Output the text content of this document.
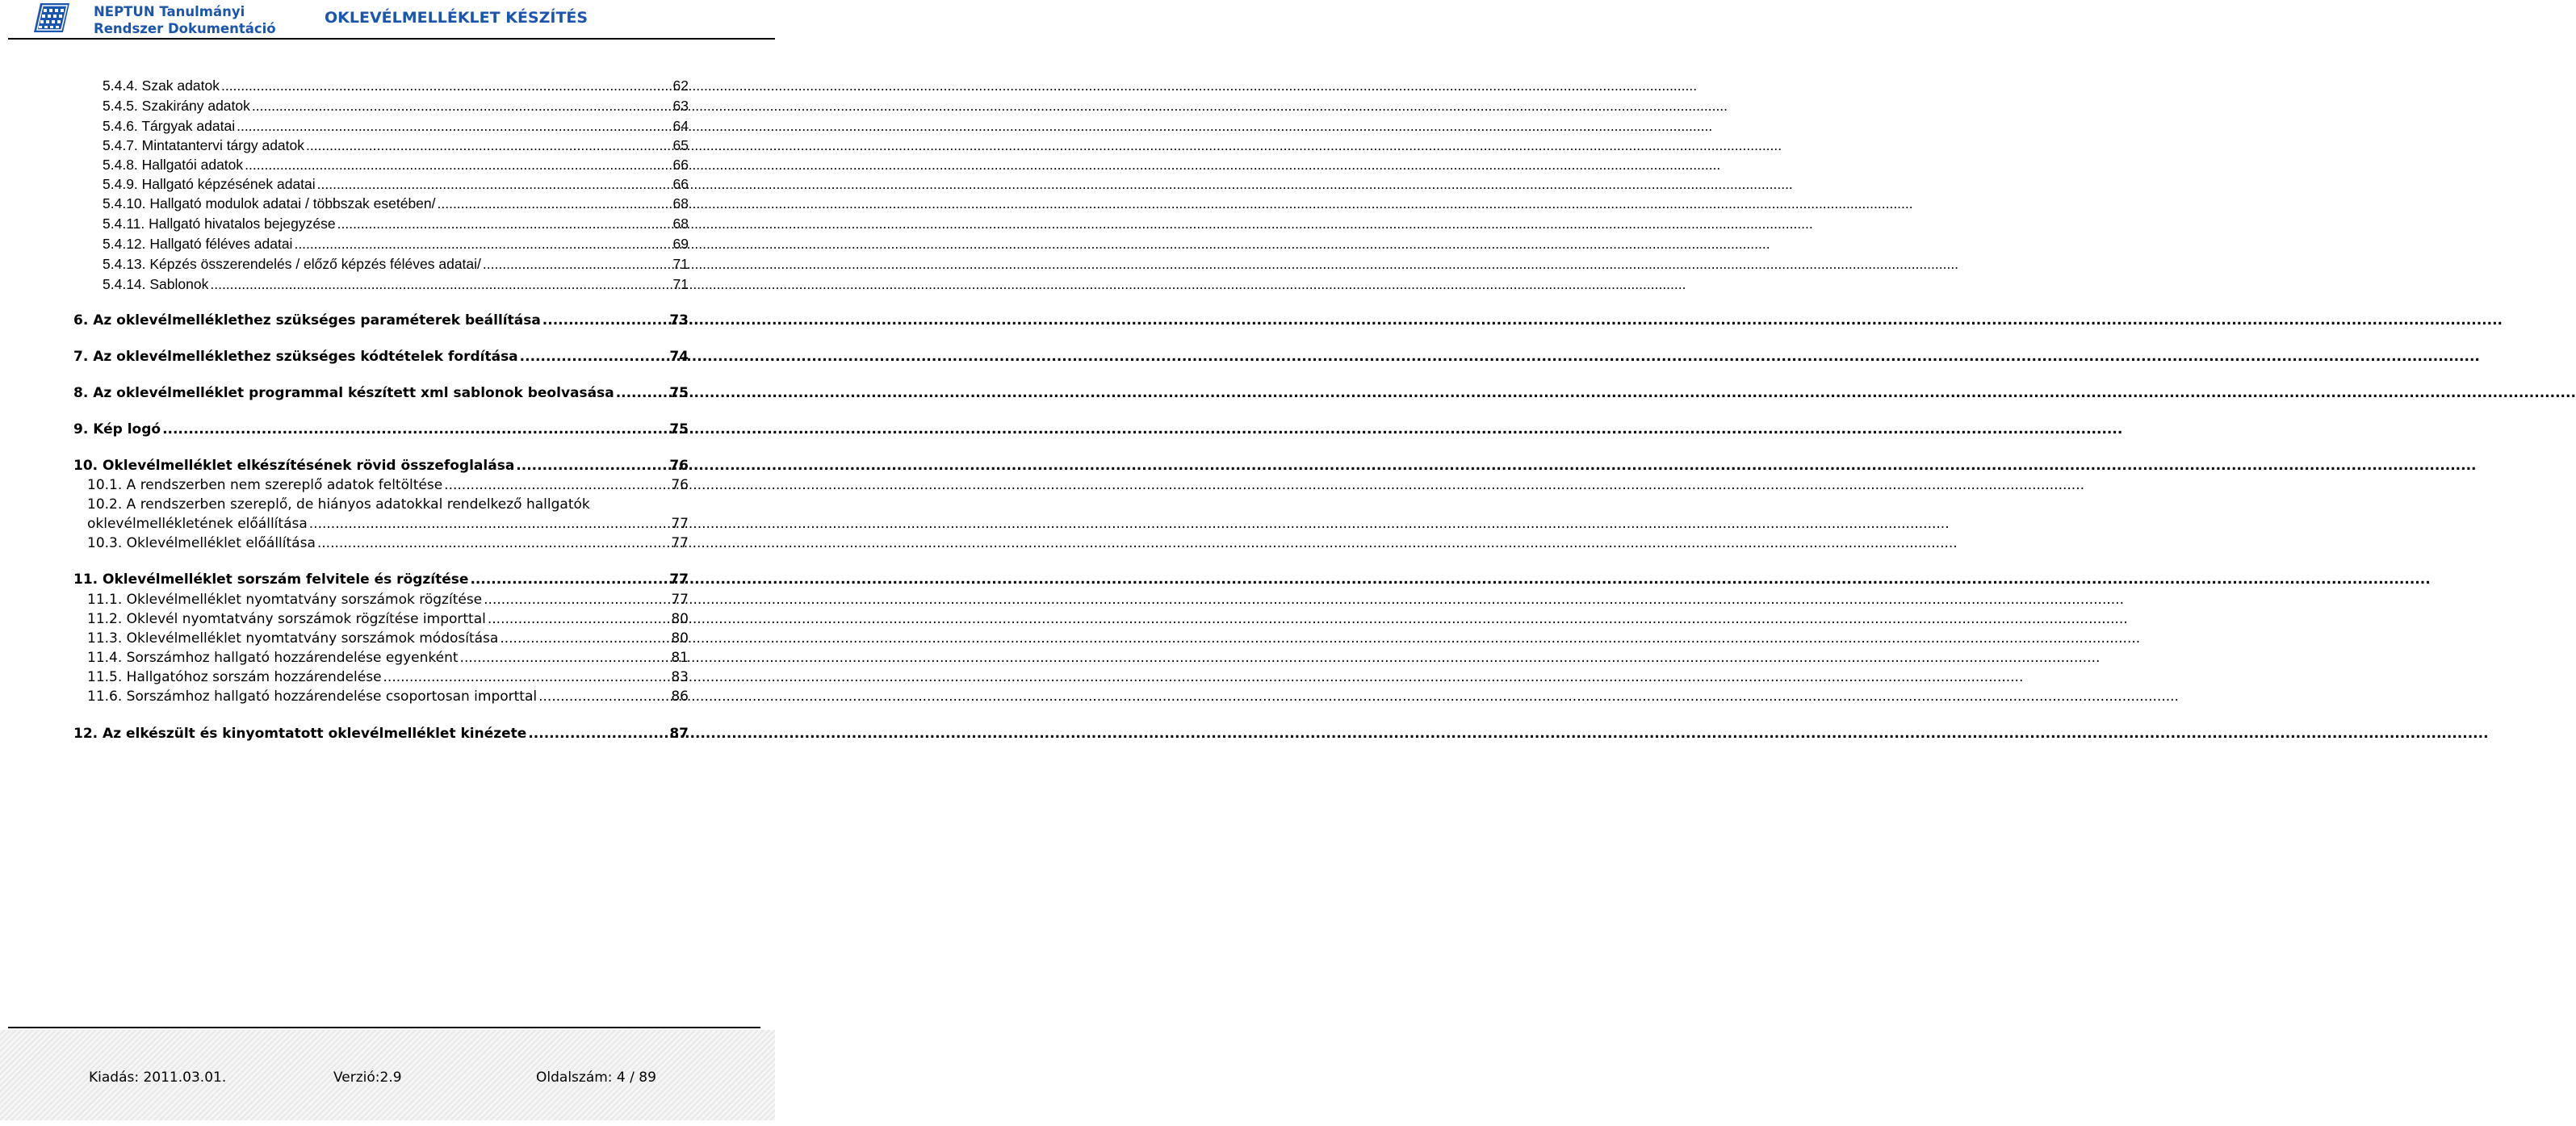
NEPTUN Tanulmányi
Rendszer Dokumentáció
OKLEVÉLMELLÉKLET KÉSZÍTÉS
5.4.4. Szak adatok .....	62
5.4.5. Szakirány adatok .....	63
5.4.6. Tárgyak adatai .....	64
5.4.7. Mintatantervi tárgy adatok .....	65
5.4.8. Hallgatói adatok .....	66
5.4.9. Hallgató képzésének adatai .....	66
5.4.10. Hallgató modulok adatai / többszak esetében/ .....	68
5.4.11. Hallgató hivatalos bejegyzése .....	68
5.4.12. Hallgató féléves adatai .....	69
5.4.13. Képzés összerendelés / előző képzés féléves adatai/ .....	71
5.4.14. Sablonok .....	71
6. Az oklevélmelléklethez szükséges paraméterek beállítása .....	73
7. Az oklevélmelléklethez szükséges kódtételek fordítása .....	74
8. Az oklevélmelléklet programmal készített xml sablonok beolvasása .....	75
9. Kép logó .....	75
10. Oklevélmelléklet elkészítésének rövid összefoglalása .....	76
10.1. A rendszerben nem szereplő adatok feltöltése .....	76
10.2. A rendszerben szereplő, de hiányos adatokkal rendelkező hallgatók
oklevélmellékletének előállítása .....	77
10.3. Oklevélmelléklet előállítása .....	77
11. Oklevélmelléklet sorszám felvitele és rögzítése .....	77
11.1. Oklevélmelléklet nyomtatvány sorszámok rögzítése .....	77
11.2. Oklevél nyomtatvány sorszámok rögzítése importtal .....	80
11.3. Oklevélmelléklet nyomtatvány sorszámok módosítása .....	80
11.4. Sorszámhoz hallgató hozzárendelése egyenként .....	81
11.5. Hallgatóhoz sorszám hozzárendelése .....	83
11.6. Sorszámhoz hallgató hozzárendelése csoportosan importtal .....	86
12. Az elkészült és kinyomtatott oklevélmelléklet kinézete .....	87
Kiadás: 2011.03.01.	Verzió:2.9	Oldalszám: 4 / 89
